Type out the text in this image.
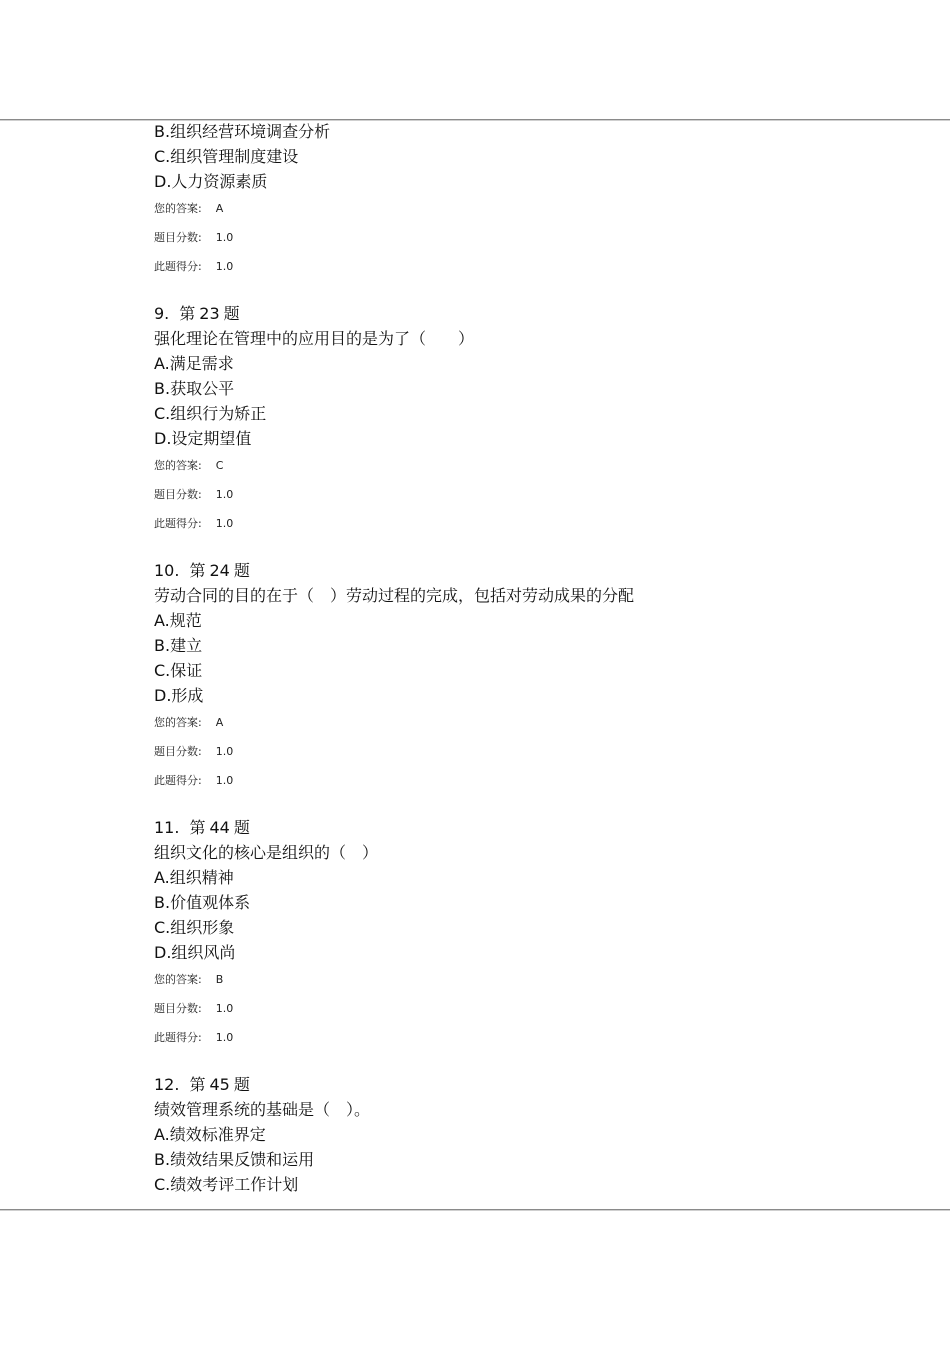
B.组织经营环境调查分析
C.组织管理制度建设
D.人力资源素质
您的答案: A
题目分数: 1.0
此题得分: 1.0
9. 第 23 题
强化理论在管理中的应用目的是为了（　　）
A.满足需求
B.获取公平
C.组织行为矫正
D.设定期望值
您的答案: C
题目分数: 1.0
此题得分: 1.0
10. 第 24 题
劳动合同的目的在于（　）劳动过程的完成，包括对劳动成果的分配
A.规范
B.建立
C.保证
D.形成
您的答案: A
题目分数: 1.0
此题得分: 1.0
11. 第 44 题
组织文化的核心是组织的（　）
A.组织精神
B.价值观体系
C.组织形象
D.组织风尚
您的答案: B
题目分数: 1.0
此题得分: 1.0
12. 第 45 题
绩效管理系统的基础是（　）。
A.绩效标准界定
B.绩效结果反馈和运用
C.绩效考评工作计划
